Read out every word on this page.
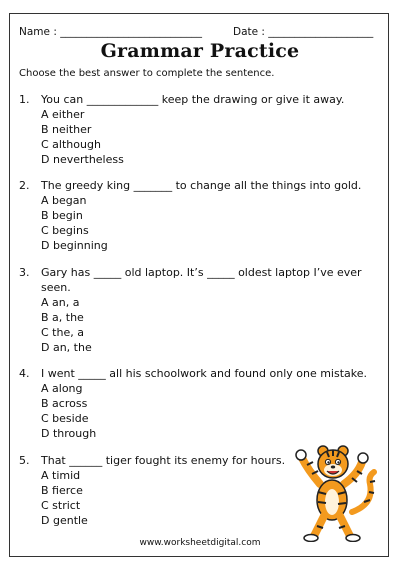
Name : ___________________________	Date : ____________________
Grammar Practice
Choose the best answer to complete the sentence.
1.	You can _____________ keep the drawing or give it away.
A either
B neither
C although
D nevertheless
2.	The greedy king _______ to change all the things into gold.
A began
B begin
C begins
D beginning
3.	Gary has _____ old laptop. It’s _____ oldest laptop I’ve ever seen.
A an, a
B a, the
C the, a
D an, the
4.	I went _____ all his schoolwork and found only one mistake.
A along
B across
C beside
D through
5.	That ______ tiger fought its enemy for hours.
A timid
B fierce
C strict
D gentle
www.worksheetdigital.com
